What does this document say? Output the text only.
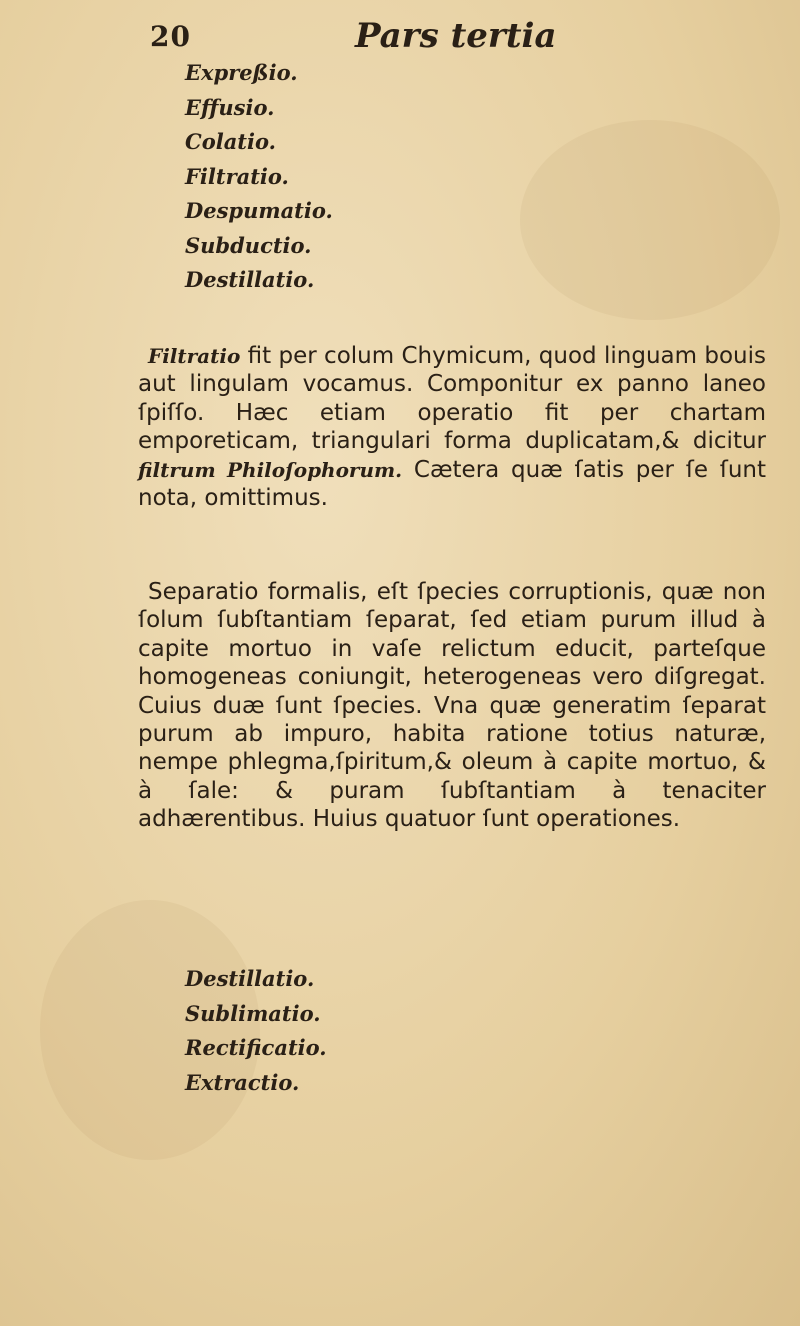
20	Pars tertia
Expreßio.
Effusio.
Colatio.
Filtratio.
Despumatio.
Subductio.
Destillatio.

Filtratio fit per colum Chymicum, quod linguam bouis aut lingulam vocamus. Componitur ex panno laneo ſpiſſo. Hæc etiam operatio fit per chartam emporeticam, triangulari forma duplicatam,& dicitur filtrum Philoſophorum. Cætera quæ ſatis per ſe ſunt nota, omittimus.

Separatio formalis, eſt ſpecies corruptionis, quæ non ſolum ſubſtantiam ſeparat, ſed etiam purum illud à capite mortuo in vaſe relictum educit, parteſque homogeneas coniungit, heterogeneas vero diſgregat. Cuius duæ ſunt ſpecies. Vna quæ generatim ſeparat purum ab impuro, habita ratione totius naturæ, nempe phlegma,ſpiritum,& oleum à capite mortuo, & à ſale: & puram ſubſtantiam à tenaciter adhærentibus. Huius quatuor ſunt operationes.

Destillatio.
Sublimatio.
Rectificatio.
Extractio.
